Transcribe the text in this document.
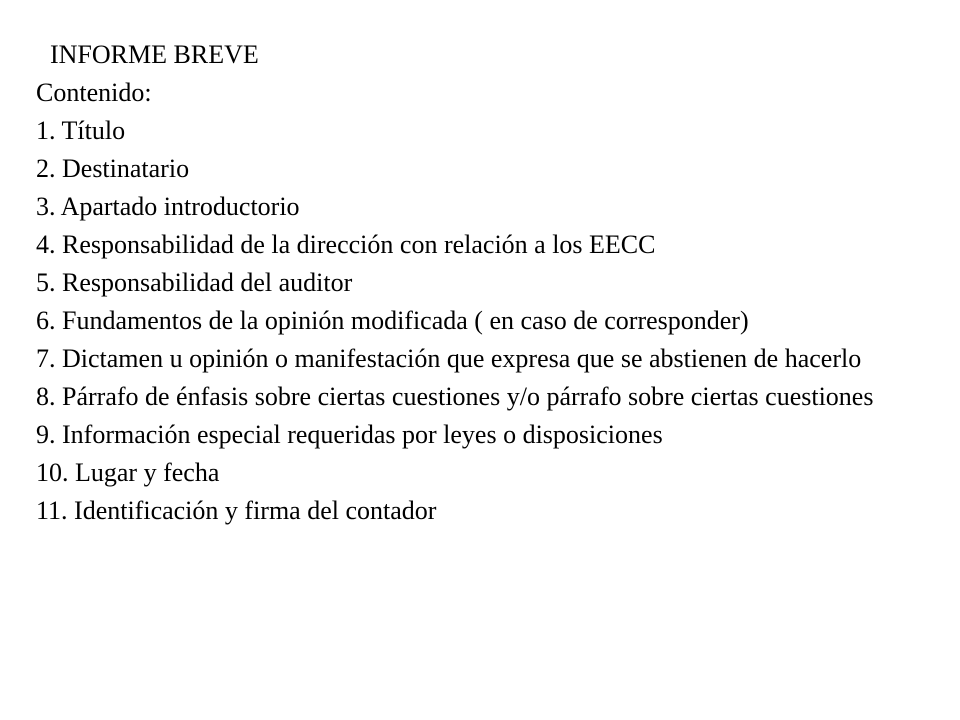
INFORME BREVE
Contenido:
1. Título
2. Destinatario
3. Apartado introductorio
4. Responsabilidad de la dirección con relación a los EECC
5. Responsabilidad del auditor
6. Fundamentos de la opinión modificada ( en caso de corresponder)
7. Dictamen u opinión o manifestación que expresa que se abstienen de hacerlo
8. Párrafo de énfasis sobre ciertas cuestiones y/o párrafo sobre ciertas cuestiones
9. Información especial requeridas por leyes o disposiciones
10. Lugar y fecha
11. Identificación y firma del contador
